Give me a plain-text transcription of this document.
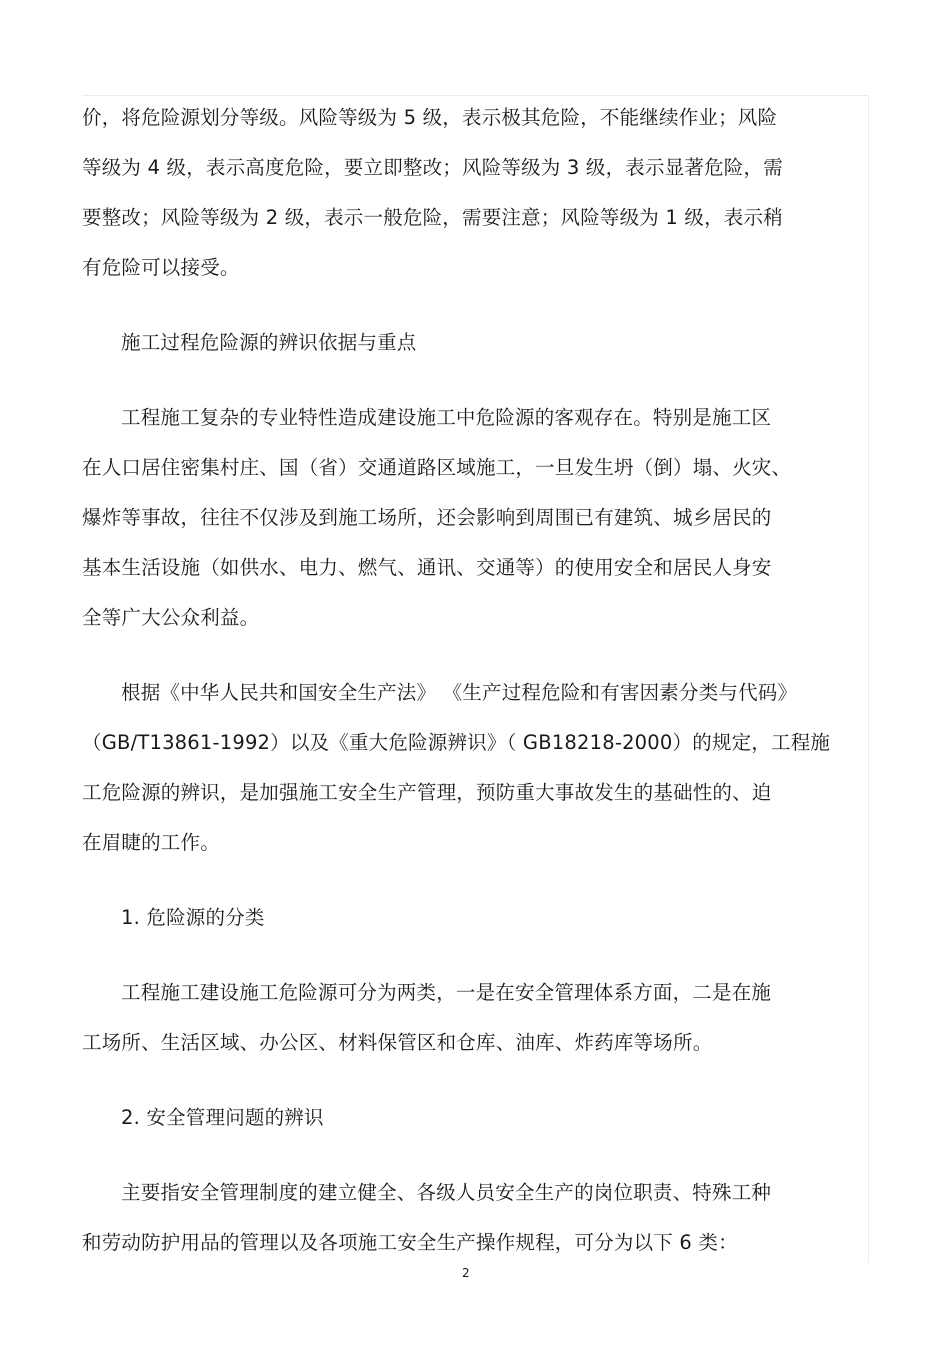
价，将危险源划分等级。风险等级为 5 级，表示极其危险，不能继续作业；风险
等级为 4 级，表示高度危险，要立即整改；风险等级为 3 级，表示显著危险，需
要整改；风险等级为 2 级，表示一般危险，需要注意；风险等级为 1 级，表示稍
有危险可以接受。
施工过程危险源的辨识依据与重点
工程施工复杂的专业特性造成建设施工中危险源的客观存在。特别是施工区
在人口居住密集村庄、国（省）交通道路区域施工，一旦发生坍（倒）塌、火灾、
爆炸等事故，往往不仅涉及到施工场所，还会影响到周围已有建筑、城乡居民的
基本生活设施（如供水、电力、燃气、通讯、交通等）的使用安全和居民人身安
全等广大公众利益。
根据《中华人民共和国安全生产法》 《生产过程危险和有害因素分类与代码》
（GB/T13861-1992）以及《重大危险源辨识》（ GB18218-2000）的规定，工程施
工危险源的辨识，是加强施工安全生产管理，预防重大事故发生的基础性的、迫
在眉睫的工作。
1. 危险源的分类
工程施工建设施工危险源可分为两类，一是在安全管理体系方面，二是在施
工场所、生活区域、办公区、材料保管区和仓库、油库、炸药库等场所。
2. 安全管理问题的辨识
主要指安全管理制度的建立健全、各级人员安全生产的岗位职责、特殊工种
和劳动防护用品的管理以及各项施工安全生产操作规程，可分为以下 6 类：
2
